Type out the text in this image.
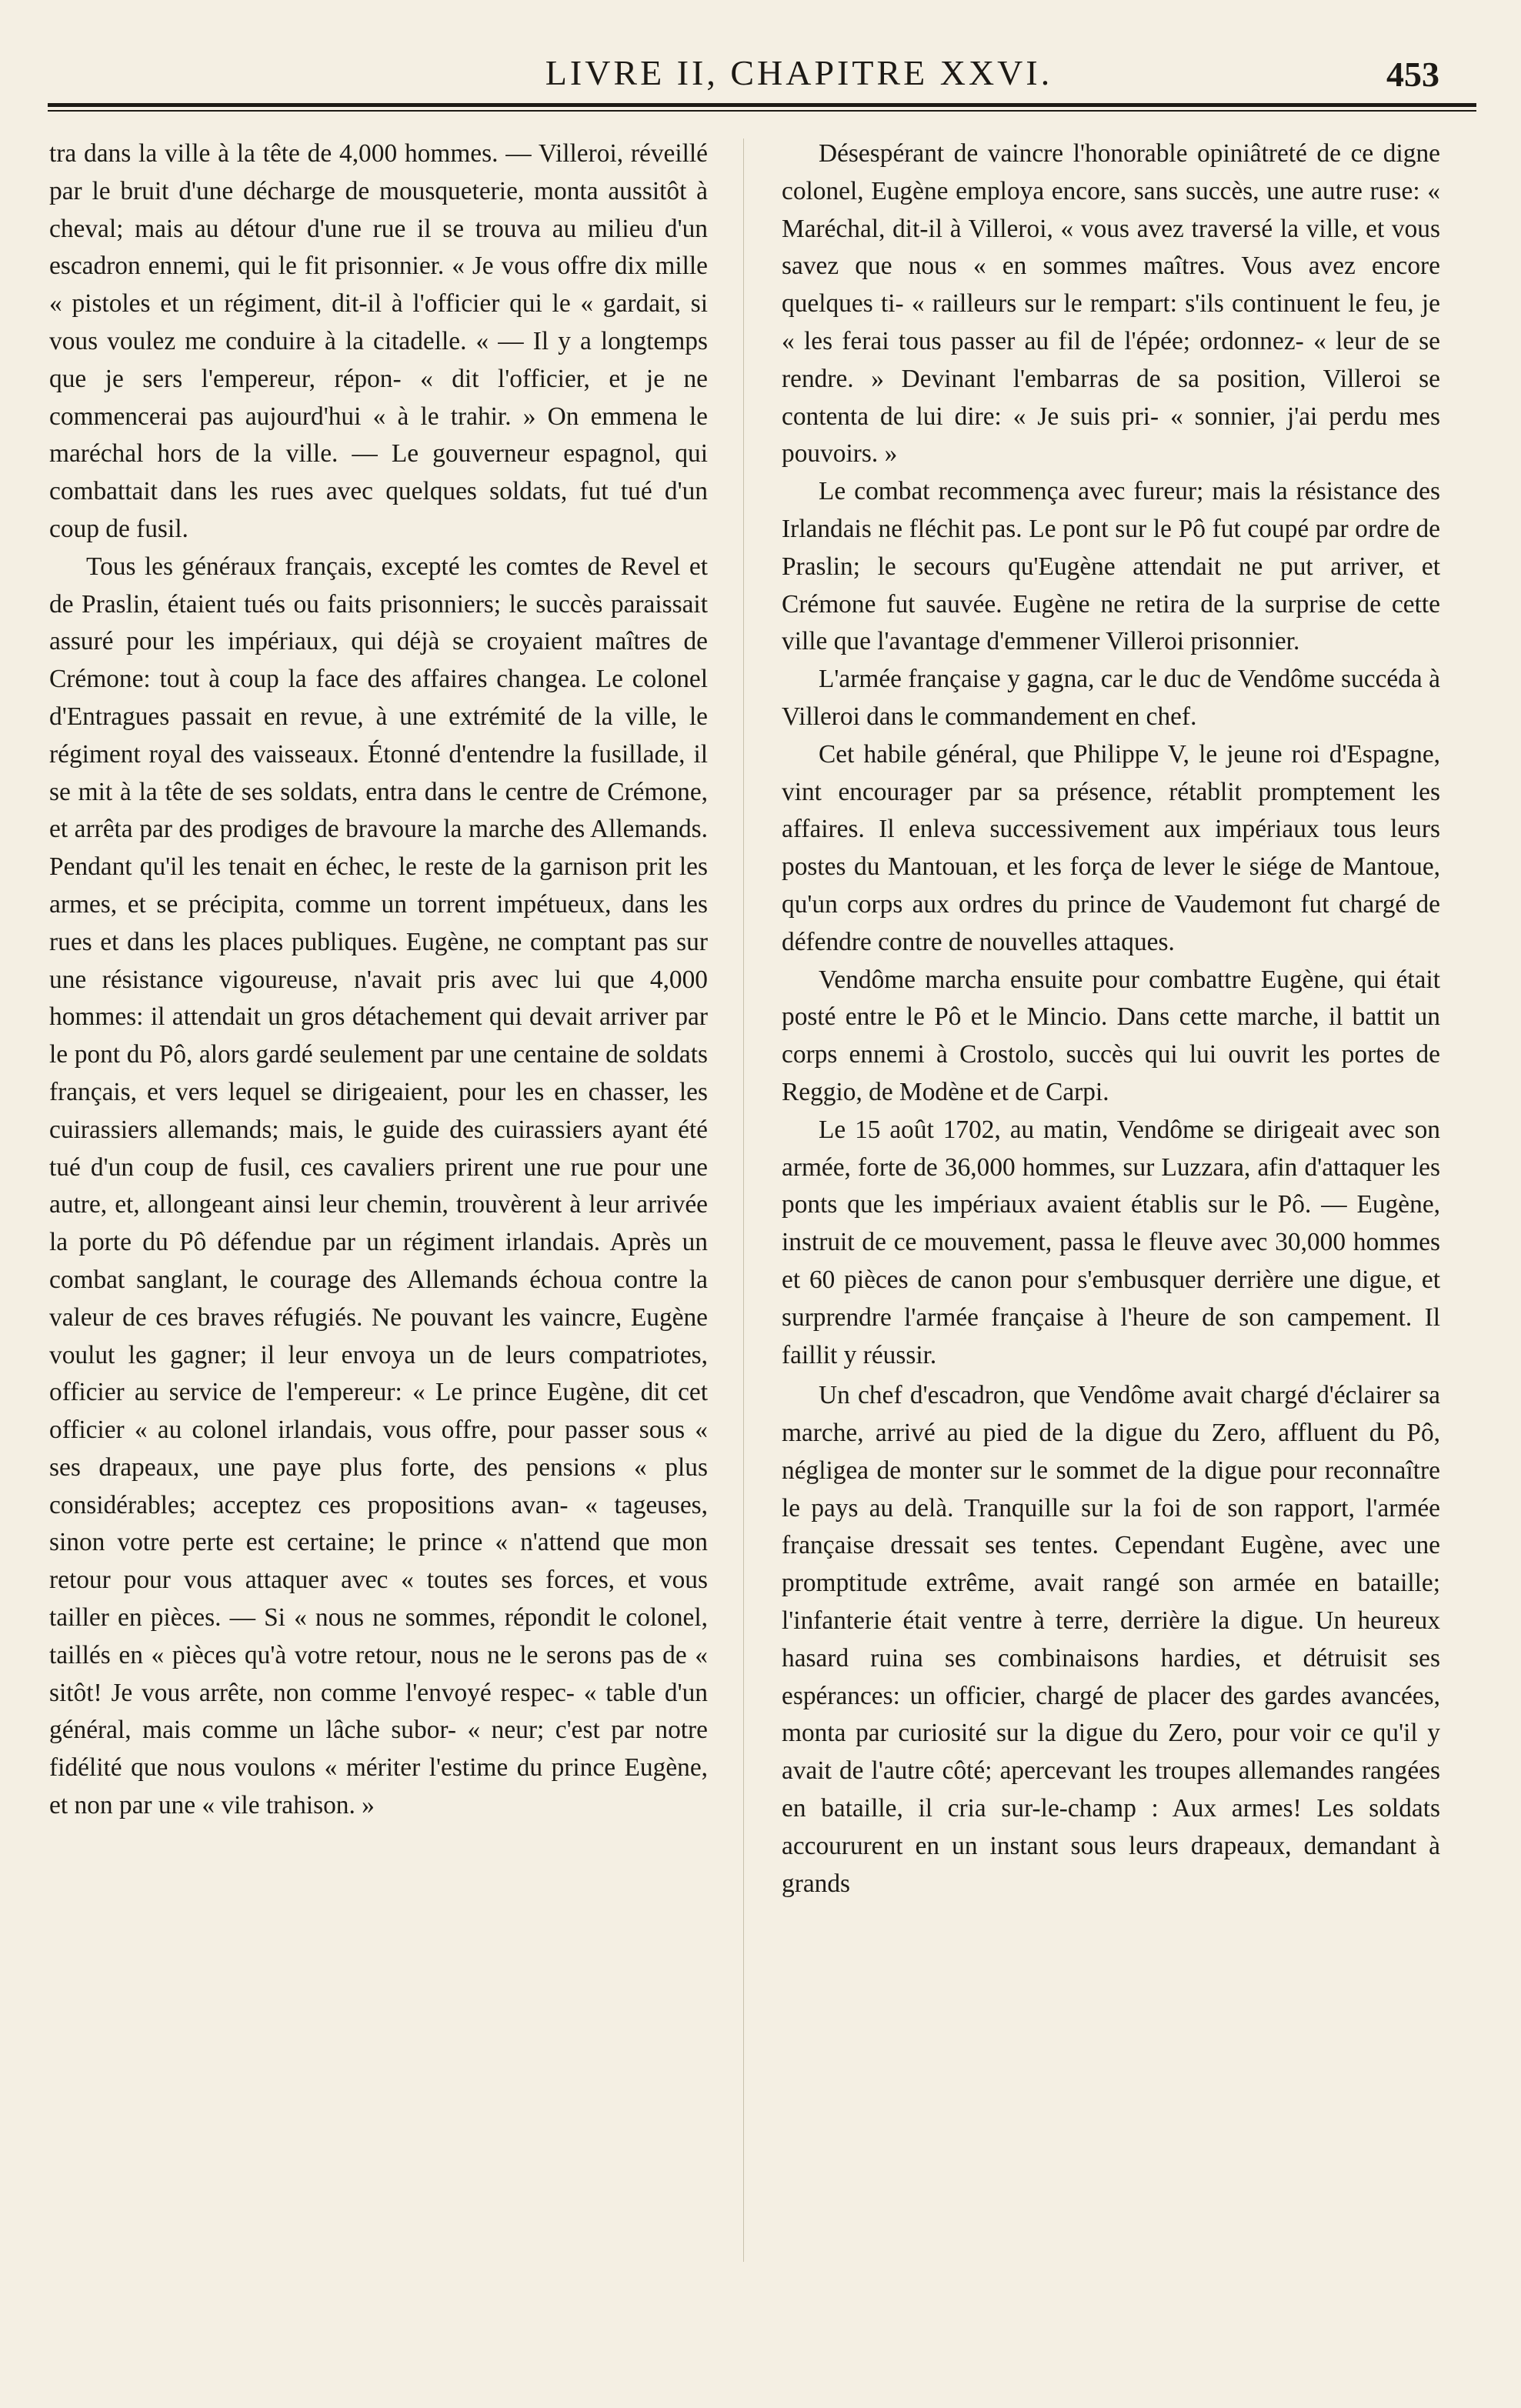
LIVRE II, CHAPITRE XXVI.	453

tra dans la ville à la tête de 4,000 hommes. — Villeroi, réveillé par le bruit d'une décharge de mousqueterie, monta aussitôt à cheval; mais au détour d'une rue il se trouva au milieu d'un escadron ennemi, qui le fit prisonnier. « Je vous offre dix mille « pistoles et un régiment, dit-il à l'officier qui le « gardait, si vous voulez me conduire à la citadelle. « — Il y a longtemps que je sers l'empereur, répon- « dit l'officier, et je ne commencerai pas aujourd'hui « à le trahir. » On emmena le maréchal hors de la ville. — Le gouverneur espagnol, qui combattait dans les rues avec quelques soldats, fut tué d'un coup de fusil.

Tous les généraux français, excepté les comtes de Revel et de Praslin, étaient tués ou faits prisonniers; le succès paraissait assuré pour les impériaux, qui déjà se croyaient maîtres de Crémone: tout à coup la face des affaires changea. Le colonel d'Entragues passait en revue, à une extrémité de la ville, le régiment royal des vaisseaux. Étonné d'entendre la fusillade, il se mit à la tête de ses soldats, entra dans le centre de Crémone, et arrêta par des prodiges de bravoure la marche des Allemands. Pendant qu'il les tenait en échec, le reste de la garnison prit les armes, et se précipita, comme un torrent impétueux, dans les rues et dans les places publiques. Eugène, ne comptant pas sur une résistance vigoureuse, n'avait pris avec lui que 4,000 hommes: il attendait un gros détachement qui devait arriver par le pont du Pô, alors gardé seulement par une centaine de soldats français, et vers lequel se dirigeaient, pour les en chasser, les cuirassiers allemands; mais, le guide des cuirassiers ayant été tué d'un coup de fusil, ces cavaliers prirent une rue pour une autre, et, allongeant ainsi leur chemin, trouvèrent à leur arrivée la porte du Pô défendue par un régiment irlandais. Après un combat sanglant, le courage des Allemands échoua contre la valeur de ces braves réfugiés. Ne pouvant les vaincre, Eugène voulut les gagner; il leur envoya un de leurs compatriotes, officier au service de l'empereur: « Le prince Eugène, dit cet officier « au colonel irlandais, vous offre, pour passer sous « ses drapeaux, une paye plus forte, des pensions « plus considérables; acceptez ces propositions avan- « tageuses, sinon votre perte est certaine; le prince « n'attend que mon retour pour vous attaquer avec « toutes ses forces, et vous tailler en pièces. — Si « nous ne sommes, répondit le colonel, taillés en « pièces qu'à votre retour, nous ne le serons pas de « sitôt! Je vous arrête, non comme l'envoyé respec- « table d'un général, mais comme un lâche subor- « neur; c'est par notre fidélité que nous voulons « mériter l'estime du prince Eugène, et non par une « vile trahison. »

Désespérant de vaincre l'honorable opiniâtreté de ce digne colonel, Eugène employa encore, sans succès, une autre ruse: « Maréchal, dit-il à Villeroi, « vous avez traversé la ville, et vous savez que nous « en sommes maîtres. Vous avez encore quelques ti- « railleurs sur le rempart: s'ils continuent le feu, je « les ferai tous passer au fil de l'épée; ordonnez- « leur de se rendre. » Devinant l'embarras de sa position, Villeroi se contenta de lui dire: « Je suis pri- « sonnier, j'ai perdu mes pouvoirs. »

Le combat recommença avec fureur; mais la résistance des Irlandais ne fléchit pas. Le pont sur le Pô fut coupé par ordre de Praslin; le secours qu'Eugène attendait ne put arriver, et Crémone fut sauvée. Eugène ne retira de la surprise de cette ville que l'avantage d'emmener Villeroi prisonnier.

L'armée française y gagna, car le duc de Vendôme succéda à Villeroi dans le commandement en chef.

Cet habile général, que Philippe V, le jeune roi d'Espagne, vint encourager par sa présence, rétablit promptement les affaires. Il enleva successivement aux impériaux tous leurs postes du Mantouan, et les força de lever le siége de Mantoue, qu'un corps aux ordres du prince de Vaudemont fut chargé de défendre contre de nouvelles attaques.

Vendôme marcha ensuite pour combattre Eugène, qui était posté entre le Pô et le Mincio. Dans cette marche, il battit un corps ennemi à Crostolo, succès qui lui ouvrit les portes de Reggio, de Modène et de Carpi.

Le 15 août 1702, au matin, Vendôme se dirigeait avec son armée, forte de 36,000 hommes, sur Luzzara, afin d'attaquer les ponts que les impériaux avaient établis sur le Pô. — Eugène, instruit de ce mouvement, passa le fleuve avec 30,000 hommes et 60 pièces de canon pour s'embusquer derrière une digue, et surprendre l'armée française à l'heure de son campement. Il faillit y réussir.

Un chef d'escadron, que Vendôme avait chargé d'éclairer sa marche, arrivé au pied de la digue du Zero, affluent du Pô, négligea de monter sur le sommet de la digue pour reconnaître le pays au delà. Tranquille sur la foi de son rapport, l'armée française dressait ses tentes. Cependant Eugène, avec une promptitude extrême, avait rangé son armée en bataille; l'infanterie était ventre à terre, derrière la digue. Un heureux hasard ruina ses combinaisons hardies, et détruisit ses espérances: un officier, chargé de placer des gardes avancées, monta par curiosité sur la digue du Zero, pour voir ce qu'il y avait de l'autre côté; apercevant les troupes allemandes rangées en bataille, il cria sur-le-champ : Aux armes! Les soldats accoururent en un instant sous leurs drapeaux, demandant à grands
